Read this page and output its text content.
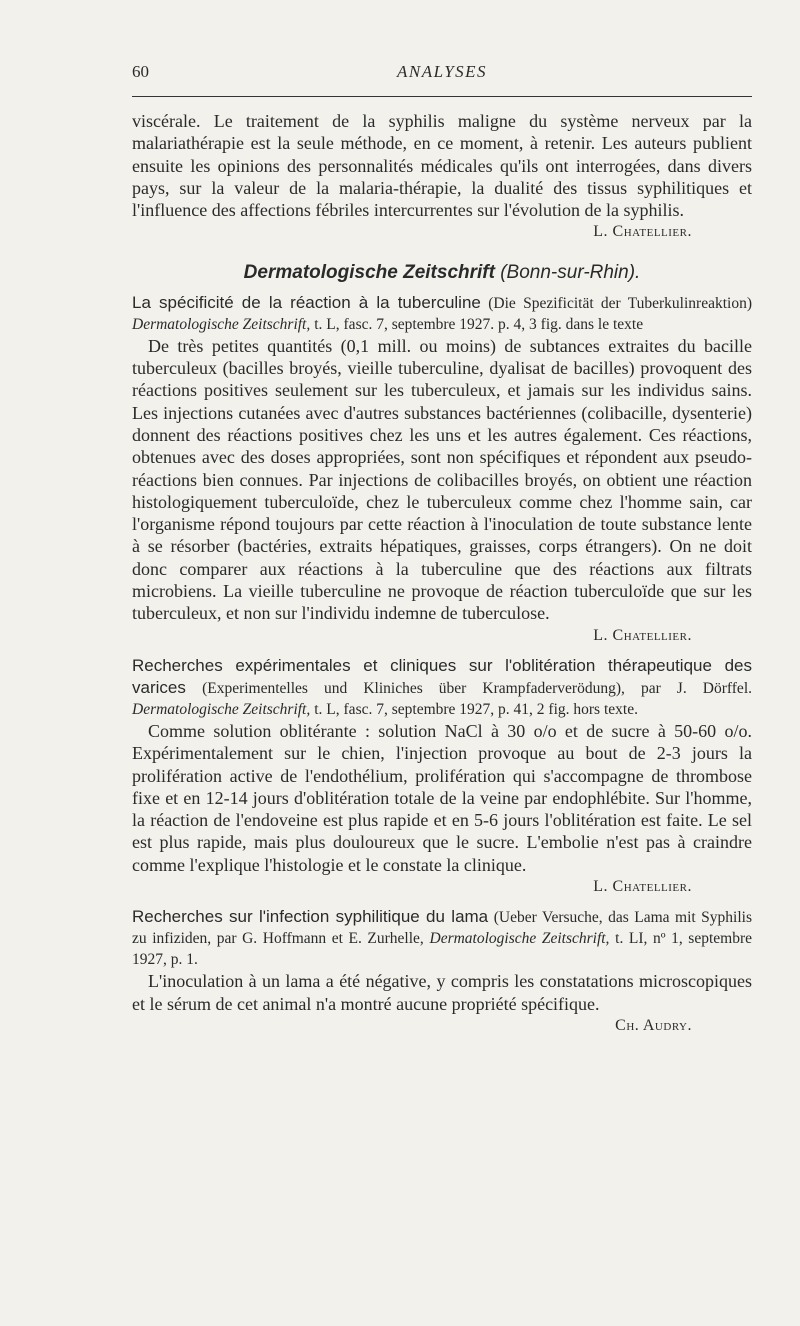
60	ANALYSES

viscérale. Le traitement de la syphilis maligne du système nerveux par la malariathérapie est la seule méthode, en ce moment, à retenir. Les auteurs publient ensuite les opinions des personnalités médicales qu'ils ont interrogées, dans divers pays, sur la valeur de la malaria-thérapie, la dualité des tissus syphilitiques et l'influence des affections fébriles intercurrentes sur l'évolution de la syphilis.

L. Chatellier.
Dermatologische Zeitschrift (Bonn-sur-Rhin).
La spécificité de la réaction à la tuberculine (Die Spezificität der Tuberkulinreaktion) Dermatologische Zeitschrift, t. L, fasc. 7, septembre 1927. p. 4, 3 fig. dans le texte

De très petites quantités (0,1 mill. ou moins) de subtances extraites du bacille tuberculeux (bacilles broyés, vieille tuberculine, dyalisat de bacilles) provoquent des réactions positives seulement sur les tuberculeux, et jamais sur les individus sains. Les injections cutanées avec d'autres substances bactériennes (colibacille, dysenterie) donnent des réactions positives chez les uns et les autres également. Ces réactions, obtenues avec des doses appropriées, sont non spécifiques et répondent aux pseudo-réactions bien connues. Par injections de colibacilles broyés, on obtient une réaction histologiquement tuberculoïde, chez le tuberculeux comme chez l'homme sain, car l'organisme répond toujours par cette réaction à l'inoculation de toute substance lente à se résorber (bactéries, extraits hépatiques, graisses, corps étrangers). On ne doit donc comparer aux réactions à la tuberculine que des réactions aux filtrats microbiens. La vieille tuberculine ne provoque de réaction tuberculoïde que sur les tuberculeux, et non sur l'individu indemne de tuberculose.

L. Chatellier.
Recherches expérimentales et cliniques sur l'oblitération thérapeutique des varices (Experimentelles und Kliniches über Krampfaderverödung), par J. Dörffel. Dermatologische Zeitschrift, t. L, fasc. 7, septembre 1927, p. 41, 2 fig. hors texte.

Comme solution oblitérante : solution NaCl à 30 o/o et de sucre à 50-60 o/o. Expérimentalement sur le chien, l'injection provoque au bout de 2-3 jours la prolifération active de l'endothélium, prolifération qui s'accompagne de thrombose fixe et en 12-14 jours d'oblitération totale de la veine par endophlébite. Sur l'homme, la réaction de l'endoveine est plus rapide et en 5-6 jours l'oblitération est faite. Le sel est plus rapide, mais plus douloureux que le sucre. L'embolie n'est pas à craindre comme l'explique l'histologie et le constate la clinique.

L. Chatellier.
Recherches sur l'infection syphilitique du lama (Ueber Versuche, das Lama mit Syphilis zu infiziden, par G. Hoffmann et E. Zurhelle, Dermatologische Zeitschrift, t. LI, nº 1, septembre 1927, p. 1.

L'inoculation à un lama a été négative, y compris les constatations microscopiques et le sérum de cet animal n'a montré aucune propriété spécifique.

Ch. Audry.
